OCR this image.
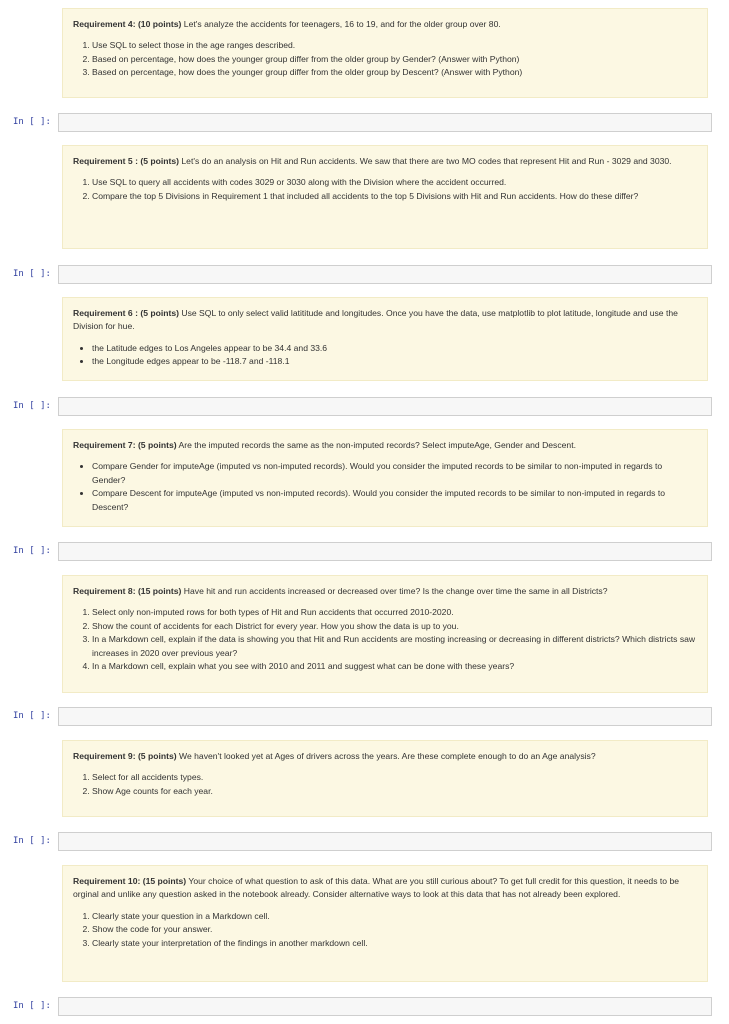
Requirement 4: (10 points) Let's analyze the accidents for teenagers, 16 to 19, and for the older group over 80.

1. Use SQL to select those in the age ranges described.
2. Based on percentage, how does the younger group differ from the older group by Gender? (Answer with Python)
3. Based on percentage, how does the younger group differ from the older group by Descent? (Answer with Python)
In [ ]:

Requirement 5 : (5 points) Let's do an analysis on Hit and Run accidents. We saw that there are two MO codes that represent Hit and Run - 3029 and 3030.

1. Use SQL to query all accidents with codes 3029 or 3030 along with the Division where the accident occurred.
2. Compare the top 5 Divisions in Requirement 1 that included all accidents to the top 5 Divisions with Hit and Run accidents. How do these differ?
In [ ]:

Requirement 6 : (5 points) Use SQL to only select valid latititude and longitudes. Once you have the data, use matplotlib to plot latitude, longitude and use the Division for hue.

• the Latitude edges to Los Angeles appear to be 34.4 and 33.6
• the Longitude edges appear to be -118.7 and -118.1
In [ ]:

Requirement 7: (5 points) Are the imputed records the same as the non-imputed records? Select imputeAge, Gender and Descent.

• Compare Gender for imputeAge (imputed vs non-imputed records). Would you consider the imputed records to be similar to non-imputed in regards to Gender?
• Compare Descent for imputeAge (imputed vs non-imputed records). Would you consider the imputed records to be similar to non-imputed in regards to Descent?
In [ ]:

Requirement 8: (15 points) Have hit and run accidents increased or decreased over time? Is the change over time the same in all Districts?

1. Select only non-imputed rows for both types of Hit and Run accidents that occurred 2010-2020.
2. Show the count of accidents for each District for every year. How you show the data is up to you.
3. In a Markdown cell, explain if the data is showing you that Hit and Run accidents are mosting increasing or decreasing in different districts? Which districts saw increases in 2020 over previous year?
4. In a Markdown cell, explain what you see with 2010 and 2011 and suggest what can be done with these years?
In [ ]:

Requirement 9: (5 points) We haven't looked yet at Ages of drivers across the years. Are these complete enough to do an Age analysis?

1. Select for all accidents types.
2. Show Age counts for each year.
In [ ]:

Requirement 10: (15 points) Your choice of what question to ask of this data. What are you still curious about? To get full credit for this question, it needs to be orginal and unlike any question asked in the notebook already. Consider alternative ways to look at this data that has not already been explored.

1. Clearly state your question in a Markdown cell.
2. Show the code for your answer.
3. Clearly state your interpretation of the findings in another markdown cell.
In [ ]:
